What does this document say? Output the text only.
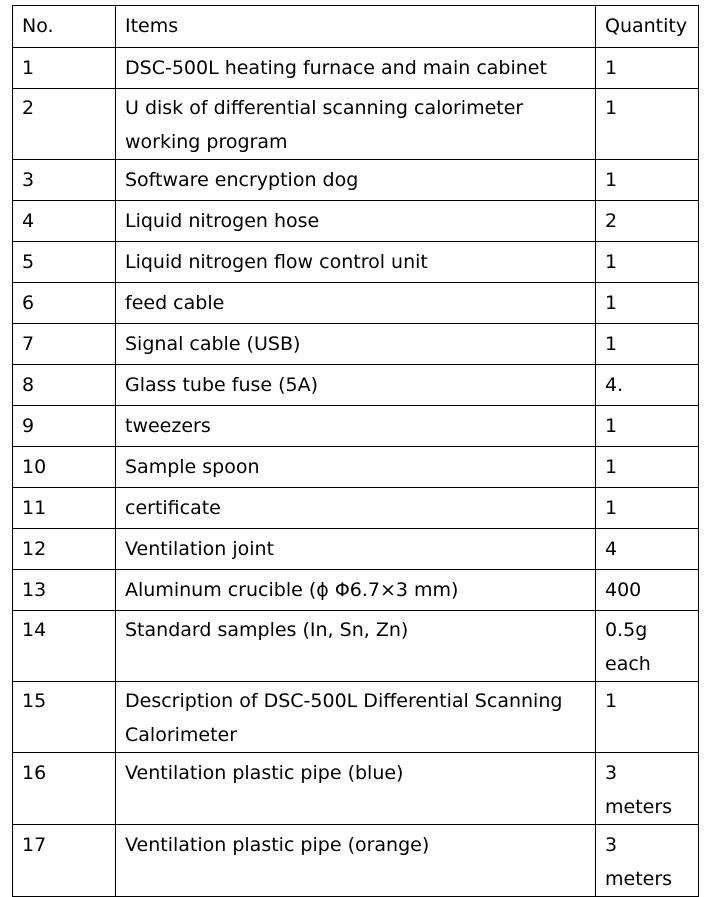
No.	Items	Quantity
1	DSC-500L heating furnace and main cabinet	1
2	U disk of differential scanning calorimeter working program	1
3	Software encryption dog	1
4	Liquid nitrogen hose	2
5	Liquid nitrogen flow control unit	1
6	feed cable	1
7	Signal cable (USB)	1
8	Glass tube fuse (5A)	4.
9	tweezers	1
10	Sample spoon	1
11	certificate	1
12	Ventilation joint	4
13	Aluminum crucible (ϕ Φ6.7×3 mm)	400
14	Standard samples (In, Sn, Zn)	0.5g each
15	Description of DSC-500L Differential Scanning Calorimeter	1
16	Ventilation plastic pipe (blue)	3 meters
17	Ventilation plastic pipe (orange)	3 meters
